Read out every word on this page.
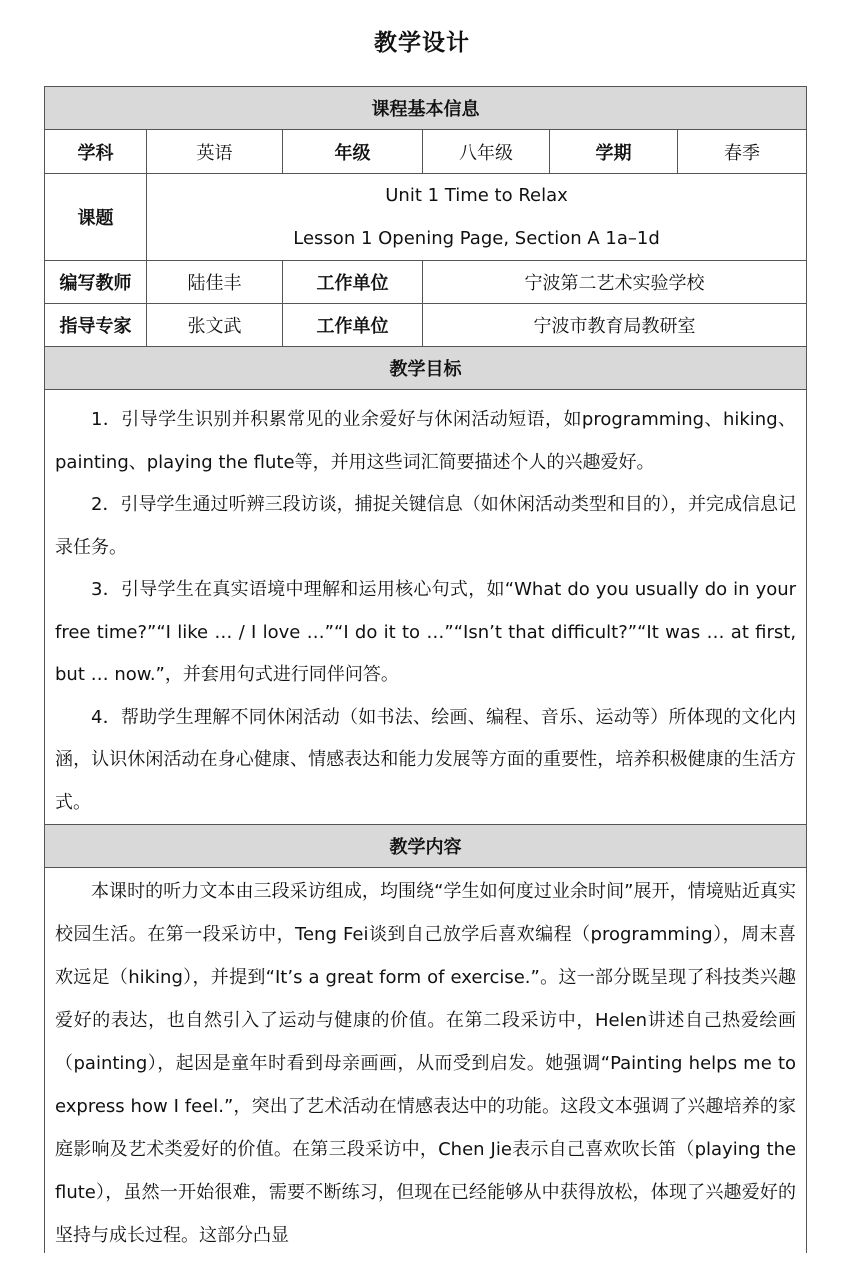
教学设计
课程基本信息					
学科	英语	年级	八年级	学期	春季
课题	Unit 1 Time to Relax
Lesson 1 Opening Page, Section A 1a–1d				

编写教师	陆佳丰	工作单位	宁波第二艺术实验学校		
指导专家	张文武	工作单位	宁波市教育局教研室		
教学目标					

1．引导学生识别并积累常见的业余爱好与休闲活动短语，如programming、hiking、painting、playing the flute等，并用这些词汇简要描述个人的兴趣爱好。

2．引导学生通过听辨三段访谈，捕捉关键信息（如休闲活动类型和目的），并完成信息记录任务。

3．引导学生在真实语境中理解和运用核心句式，如“What do you usually do in your free time?”“I like … / I love …”“I do it to …”“Isn’t that difficult?”“It was … at first, but … now.”，并套用句式进行同伴问答。

4．帮助学生理解不同休闲活动（如书法、绘画、编程、音乐、运动等）所体现的文化内涵，认识休闲活动在身心健康、情感表达和能力发展等方面的重要性，培养积极健康的生活方式。					

教学内容					

本课时的听力文本由三段采访组成，均围绕“学生如何度过业余时间”展开，情境贴近真实校园生活。在第一段采访中，Teng Fei谈到自己放学后喜欢编程（programming），周末喜欢远足（hiking），并提到“It’s a great form of exercise.”。这一部分既呈现了科技类兴趣爱好的表达，也自然引入了运动与健康的价值。在第二段采访中，Helen讲述自己热爱绘画（painting），起因是童年时看到母亲画画，从而受到启发。她强调“Painting helps me to express how I feel.”，突出了艺术活动在情感表达中的功能。这段文本强调了兴趣培养的家庭影响及艺术类爱好的价值。在第三段采访中，Chen Jie表示自己喜欢吹长笛（playing the flute），虽然一开始很难，需要不断练习，但现在已经能够从中获得放松，体现了兴趣爱好的坚持与成长过程。这部分凸显					
